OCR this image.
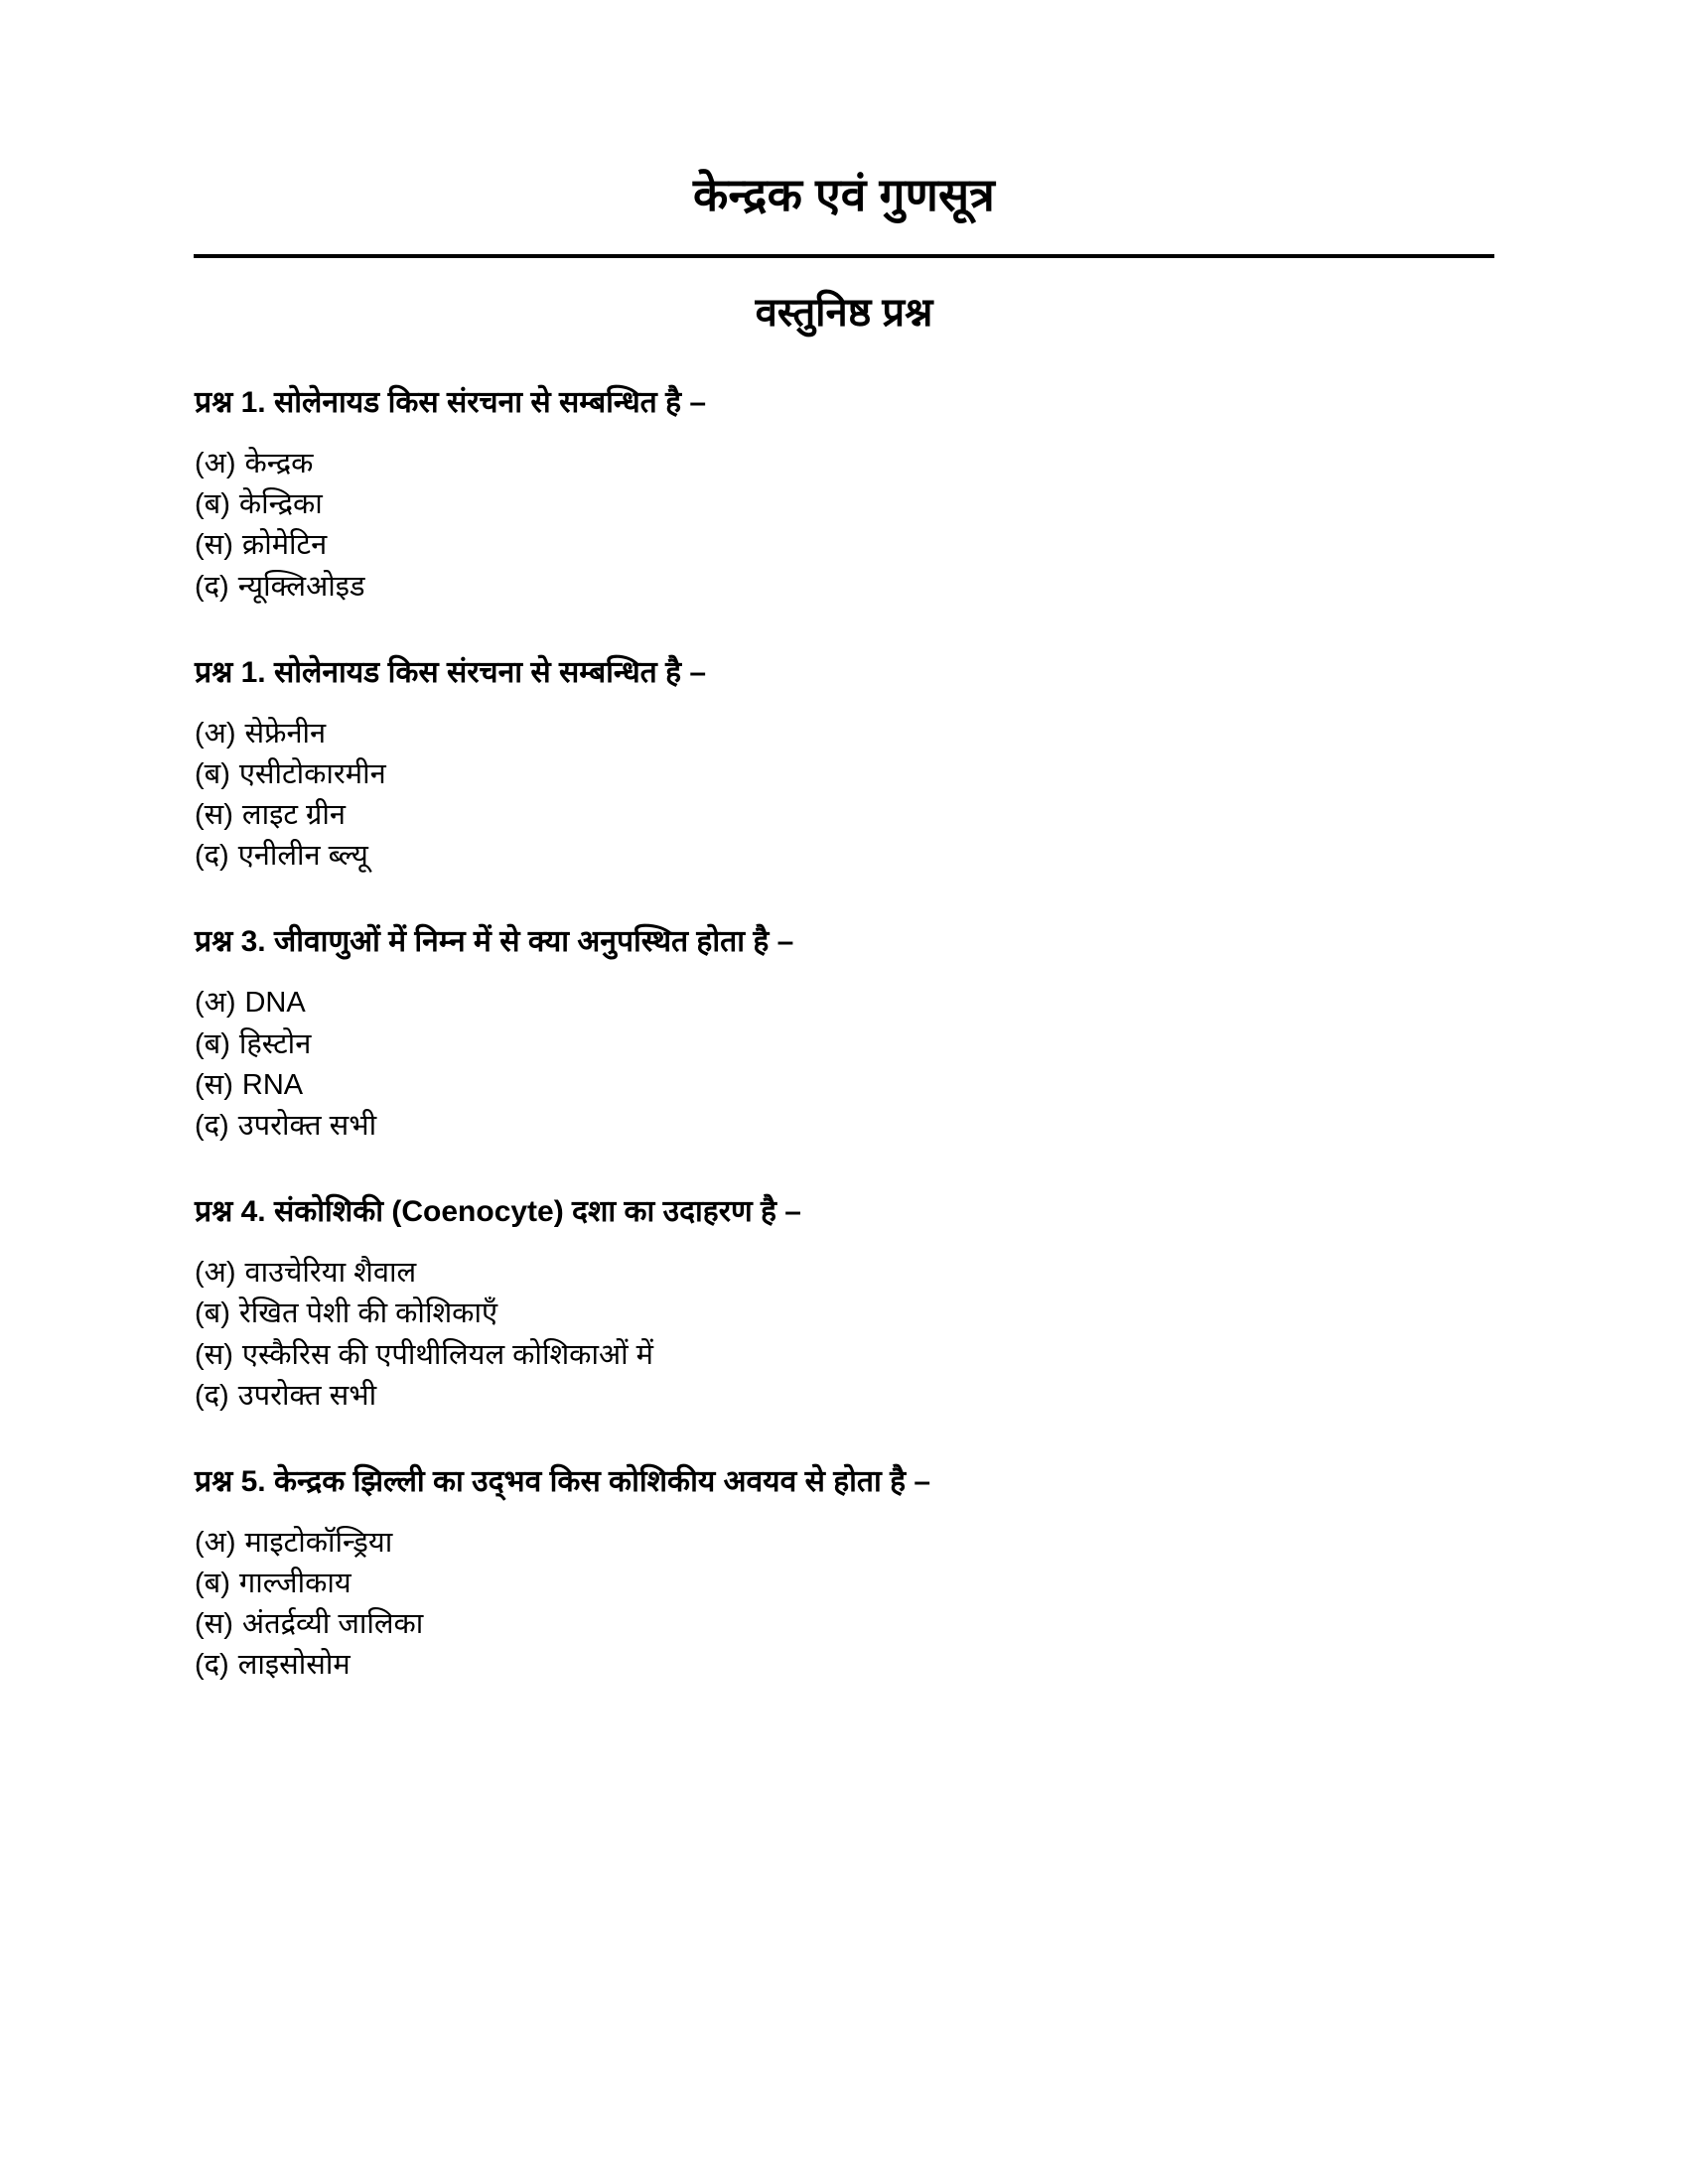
केन्द्रक एवं गुणसूत्र
वस्तुनिष्ठ प्रश्न

प्रश्न 1. सोलेनायड किस संरचना से सम्बन्धित है –

(अ) केन्द्रक
(ब) केन्द्रिका
(स) क्रोमेटिन
(द) न्यूक्लिओइड

प्रश्न 1. सोलेनायड किस संरचना से सम्बन्धित है –

(अ) सेफ्रेनीन
(ब) एसीटोकारमीन
(स) लाइट ग्रीन
(द) एनीलीन ब्ल्यू

प्रश्न 3. जीवाणुओं में निम्न में से क्या अनुपस्थित होता है –

(अ) DNA
(ब) हिस्टोन
(स) RNA
(द) उपरोक्त सभी

प्रश्न 4. संकोशिकी (Coenocyte) दशा का उदाहरण है –

(अ) वाउचेरिया शैवाल
(ब) रेखित पेशी की कोशिकाएँ
(स) एस्कैरिस की एपीथीलियल कोशिकाओं में
(द) उपरोक्त सभी

प्रश्न 5. केन्द्रक झिल्ली का उद्‌भव किस कोशिकीय अवयव से होता है –

(अ) माइटोकॉन्ड्रिया
(ब) गाल्जीकाय
(स) अंतर्द्रव्यी जालिका
(द) लाइसोसोम
